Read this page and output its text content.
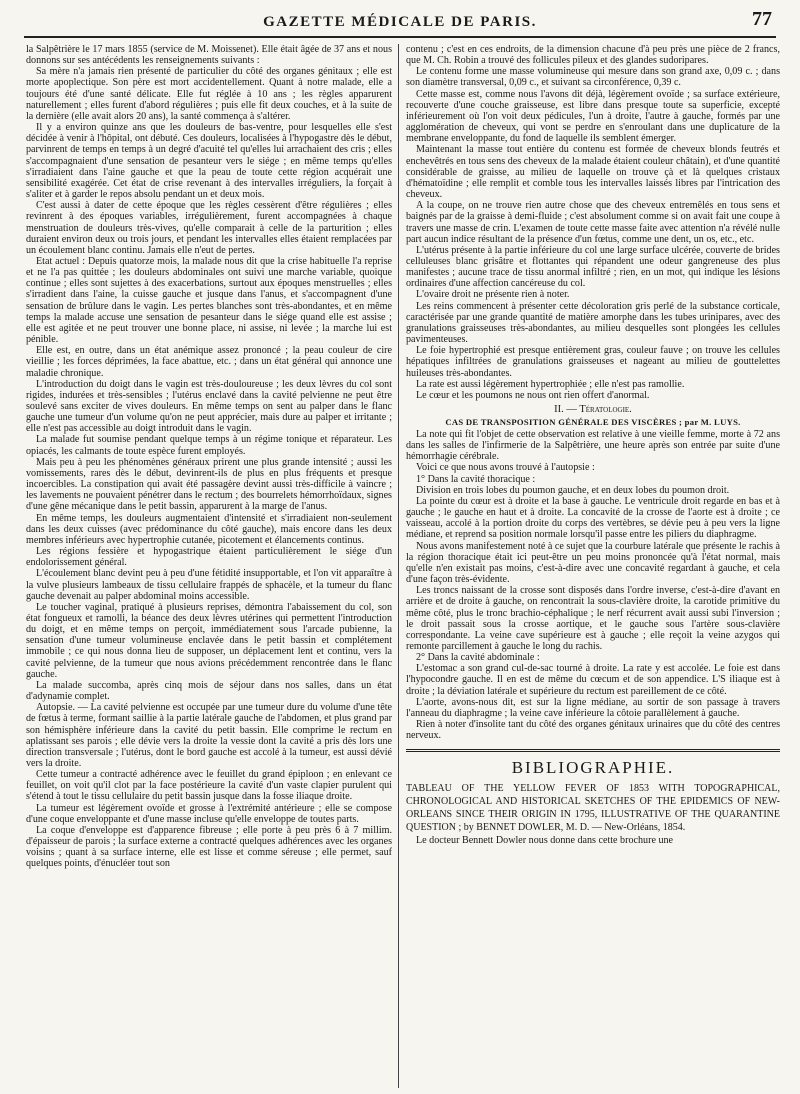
GAZETTE MÉDICALE DE PARIS.	77

la Salpêtrière le 17 mars 1855 (service de M. Moissenet). Elle était âgée de 37 ans et nous donnons sur ses antécédents les renseignements suivants :

Sa mère n'a jamais rien présenté de particulier du côté des organes génitaux ; elle est morte apoplectique. Son père est mort accidentellement. Quant à notre malade, elle a toujours été d'une santé délicate. Elle fut réglée à 10 ans ; les règles apparurent naturellement ; elles furent d'abord régulières ; puis elle fit deux couches, et à la suite de la dernière (elle avait alors 20 ans), la santé commença à s'altérer.

Il y a environ quinze ans que les douleurs de bas-ventre, pour lesquelles elle s'est décidée à venir à l'hôpital, ont débuté. Ces douleurs, localisées à l'hypogastre dès le début, parvinrent de temps en temps à un degré d'acuité tel qu'elles lui arrachaient des cris ; elles s'accompagnaient d'une sensation de pesanteur vers le siége ; en même temps qu'elles s'irradiaient dans l'aine gauche et que la peau de toute cette région acquérait une sensibilité exagérée. Cet état de crise revenant à des intervalles irréguliers, la forçait à s'aliter et à garder le repos absolu pendant un et deux mois.

C'est aussi à dater de cette époque que les règles cessèrent d'être régulières ; elles revinrent à des époques variables, irrégulièrement, furent accompagnées à chaque menstruation de douleurs très-vives, qu'elle comparait à celle de la parturition ; elles duraient environ deux ou trois jours, et pendant les intervalles elles étaient remplacées par un écoulement blanc continu. Jamais elle n'eut de pertes.

Etat actuel : Depuis quatorze mois, la malade nous dit que la crise habituelle l'a reprise et ne l'a pas quittée ; les douleurs abdominales ont suivi une marche variable, quoique continue ; elles sont sujettes à des exacerbations, surtout aux époques menstruelles ; elles s'irradient dans l'aine, la cuisse gauche et jusque dans l'anus, et s'accompagnent d'une sensation de brûlure dans le vagin. Les pertes blanches sont très-abondantes, et en même temps la malade accuse une sensation de pesanteur dans le siége quand elle est assise ; elle est agitée et ne peut trouver une bonne place, ni assise, ni levée ; la marche lui est pénible.

Elle est, en outre, dans un état anémique assez prononcé ; la peau couleur de cire vieillie ; les forces déprimées, la face abattue, etc. ; dans un état général qui annonce une maladie chronique.

L'introduction du doigt dans le vagin est très-douloureuse ; les deux lèvres du col sont rigides, indurées et très-sensibles ; l'utérus enclavé dans la cavité pelvienne ne peut être soulevé sans exciter de vives douleurs. En même temps on sent au palper dans le flanc gauche une tumeur d'un volume qu'on ne peut apprécier, mais dure au palper et irritante ; elle n'est pas accessible au doigt introduit dans le vagin.

La malade fut soumise pendant quelque temps à un régime tonique et réparateur. Les opiacés, les calmants de toute espèce furent employés.

Mais peu à peu les phénomènes généraux prirent une plus grande intensité ; aussi les vomissements, rares dès le début, devinrent-ils de plus en plus fréquents et presque incoercibles. La constipation qui avait été passagère devint aussi très-difficile à vaincre ; les lavements ne pouvaient pénétrer dans le rectum ; des bourrelets hémorrhoïdaux, signes d'une gêne mécanique dans le petit bassin, apparurent à la marge de l'anus.

En même temps, les douleurs augmentaient d'intensité et s'irradiaient non-seulement dans les deux cuisses (avec prédominance du côté gauche), mais encore dans les deux membres inférieurs avec hypertrophie cutanée, picotement et élancements continus.

Les régions fessière et hypogastrique étaient particulièrement le siége d'un endolorissement général.

L'écoulement blanc devint peu à peu d'une fétidité insupportable, et l'on vit apparaître à la vulve plusieurs lambeaux de tissu cellulaire frappés de sphacèle, et la tumeur du flanc gauche devenait au palper abdominal moins accessible.

Le toucher vaginal, pratiqué à plusieurs reprises, démontra l'abaissement du col, son état fongueux et ramolli, la béance des deux lèvres utérines qui permettent l'introduction du doigt, et en même temps on perçoit, immédiatement sous l'arcade pubienne, la sensation d'une tumeur volumineuse enclavée dans le petit bassin et complétement immobile ; ce qui nous donna lieu de supposer, un déplacement lent et continu, vers la cavité pelvienne, de la tumeur que nous avions précédemment rencontrée dans le flanc gauche.

La malade succomba, après cinq mois de séjour dans nos salles, dans un état d'adynamie complet.

Autopsie. — La cavité pelvienne est occupée par une tumeur dure du volume d'une tête de fœtus à terme, formant saillie à la partie latérale gauche de l'abdomen, et plus grand par son hémisphère inférieure dans la cavité du petit bassin. Elle comprime le rectum en aplatissant ses parois ; elle dévie vers la droite la vessie dont la cavité a pris dès lors une direction transversale ; l'utérus, dont le bord gauche est accolé à la tumeur, est aussi dévié vers la droite.

Cette tumeur a contracté adhérence avec le feuillet du grand épiploon ; en enlevant ce feuillet, on voit qu'il clot par la face postérieure la cavité d'un vaste clapier purulent qui s'étend à tout le tissu cellulaire du petit bassin jusque dans la fosse iliaque droite.

La tumeur est légèrement ovoïde et grosse à l'extrémité antérieure ; elle se compose d'une coque enveloppante et d'une masse incluse qu'elle enveloppe de toutes parts.

La coque d'enveloppe est d'apparence fibreuse ; elle porte à peu près 6 à 7 millim. d'épaisseur de parois ; la surface externe a contracté quelques adhérences avec les organes voisins ; quant à sa surface interne, elle est lisse et comme séreuse ; elle permet, sauf quelques points, d'énucléer tout son

contenu ; c'est en ces endroits, de la dimension chacune d'à peu près une pièce de 2 francs, que M. Ch. Robin a trouvé des follicules pileux et des glandes sudoripares.

Le contenu forme une masse volumineuse qui mesure dans son grand axe, 0,09 c. ; dans son diamètre transversal, 0,09 c., et suivant sa circonférence, 0,39 c.

Cette masse est, comme nous l'avons dit déjà, légèrement ovoïde ; sa surface extérieure, recouverte d'une couche graisseuse, est libre dans presque toute sa superficie, excepté inférieurement où l'on voit deux pédicules, l'un à droite, l'autre à gauche, formés par une agglomération de cheveux, qui vont se perdre en s'enroulant dans une duplicature de la membrane enveloppante, du fond de laquelle ils semblent émerger.

Maintenant la masse tout entière du contenu est formée de cheveux blonds feutrés et enchevêtrés en tous sens des cheveux de la malade étaient couleur châtain), et d'une quantité considérable de graisse, au milieu de laquelle on trouve çà et là quelques cristaux d'hématoïdine ; elle remplit et comble tous les intervalles laissés libres par l'intrication des cheveux.

A la coupe, on ne trouve rien autre chose que des cheveux entremêlés en tous sens et baignés par de la graisse à demi-fluide ; c'est absolument comme si on avait fait une coupe à travers une masse de crin. L'examen de toute cette masse faite avec attention n'a révélé nulle part aucun indice résultant de la présence d'un fœtus, comme une dent, un os, etc., etc.

L'utérus présente à la partie inférieure du col une large surface ulcérée, couverte de brides celluleuses blanc grisâtre et flottantes qui répandent une odeur gangreneuse des plus manifestes ; aucune trace de tissu anormal infiltré ; rien, en un mot, qui indique les lésions ordinaires d'une affection cancéreuse du col.

L'ovaire droit ne présente rien à noter.

Les reins commencent à présenter cette décoloration gris perlé de la substance corticale, caractérisée par une grande quantité de matière amorphe dans les tubes urinipares, avec des granulations graisseuses très-abondantes, au milieu desquelles sont plongées les cellules pavimenteuses.

Le foie hypertrophié est presque entièrement gras, couleur fauve ; on trouve les cellules hépatiques infiltrées de granulations graisseuses et nageant au milieu de gouttelettes huileuses très-abondantes.

La rate est aussi légèrement hypertrophiée ; elle n'est pas ramollie.

Le cœur et les poumons ne nous ont rien offert d'anormal.

II. — Tératologie.
CAS DE TRANSPOSITION GÉNÉRALE DES VISCÈRES ; par M. LUYS.

La note qui fit l'objet de cette observation est relative à une vieille femme, morte à 72 ans dans les salles de l'infirmerie de la Salpêtrière, une heure après son entrée par suite d'une hémorrhagie cérébrale.

Voici ce que nous avons trouvé à l'autopsie :

1° Dans la cavité thoracique :

Division en trois lobes du poumon gauche, et en deux lobes du poumon droit.

La pointe du cœur est à droite et la base à gauche. Le ventricule droit regarde en bas et à gauche ; le gauche en haut et à droite. La concavité de la crosse de l'aorte est à droite ; ce vaisseau, accolé à la portion droite du corps des vertèbres, se dévie peu à peu vers la ligne médiane, et reprend sa position normale lorsqu'il passe entre les piliers du diaphragme.

Nous avons manifestement noté à ce sujet que la courbure latérale que présente le rachis à la région thoracique était ici peut-être un peu moins prononcée qu'à l'état normal, mais qu'elle n'en existait pas moins, c'est-à-dire avec une concavité regardant à gauche, et cela d'une façon très-évidente.

Les troncs naissant de la crosse sont disposés dans l'ordre inverse, c'est-à-dire d'avant en arrière et de droite à gauche, on rencontrait la sous-clavière droite, la carotide primitive du même côté, plus le tronc brachio-céphalique ; le nerf récurrent avait aussi subi l'inversion ; le droit passait sous la crosse aortique, et le gauche sous l'artère sous-clavière correspondante. La veine cave supérieure est à gauche ; elle reçoit la veine azygos qui remonte parcillement à gauche le long du rachis.

2° Dans la cavité abdominale :

L'estomac a son grand cul-de-sac tourné à droite. La rate y est accolée. Le foie est dans l'hypocondre gauche. Il en est de même du cœcum et de son appendice. L'S iliaque est à droite ; la déviation latérale et supérieure du rectum est pareillement de ce côté.

L'aorte, avons-nous dit, est sur la ligne médiane, au sortir de son passage à travers l'anneau du diaphragme ; la veine cave inférieure la côtoie parallèlement à gauche.

Rien à noter d'insolite tant du côté des organes génitaux urinaires que du côté des centres nerveux.

BIBLIOGRAPHIE.
TABLEAU OF THE YELLOW FEVER OF 1853 WITH TOPOGRAPHICAL, CHRONOLOGICAL AND HISTORICAL SKETCHES OF THE EPIDEMICS OF NEW-ORLEANS SINCE THEIR ORIGIN IN 1795, ILLUSTRATIVE OF THE QUARANTINE QUESTION ; by BENNET DOWLER, M. D. — New-Orléans, 1854.
Le docteur Bennett Dowler nous donne dans cette brochure une
